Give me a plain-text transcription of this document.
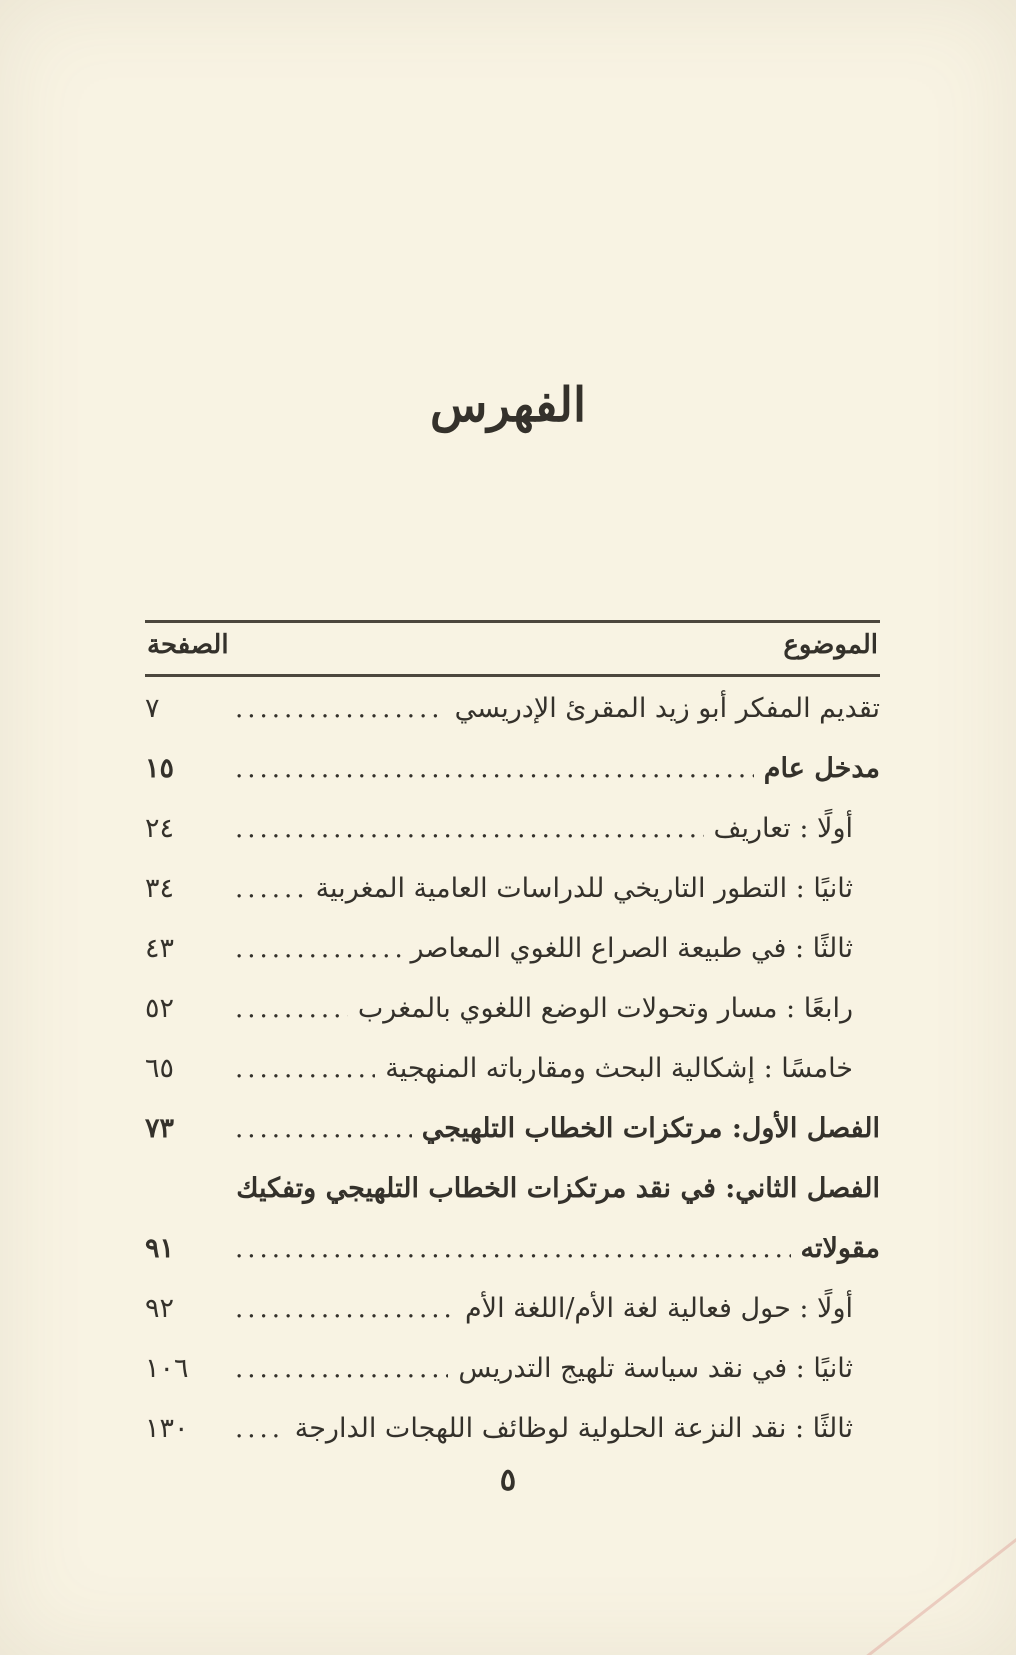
الفهرس
الموضوع
الصفحة
تقديم المفكر أبو زيد المقرئ الإدريسي
.....
٧
مدخل عام
.....
١٥
أولًا : تعاريف
.....
٢٤
ثانيًا : التطور التاريخي للدراسات العامية المغربية
.....
٣٤
ثالثًا : في طبيعة الصراع اللغوي المعاصر
.....
٤٣
رابعًا : مسار وتحولات الوضع اللغوي بالمغرب
.....
٥٢
خامسًا : إشكالية البحث ومقارباته المنهجية
.....
٦٥
الفصل الأول: مرتكزات الخطاب التلهيجي
.....
٧٣
الفصل الثاني: في نقد مرتكزات الخطاب التلهيجي وتفكيك
مقولاته
.....
٩١
أولًا : حول فعالية لغة الأم/اللغة الأم
.....
٩٢
ثانيًا : في نقد سياسة تلهيج التدريس
.....
١٠٦
ثالثًا : نقد النزعة الحلولية لوظائف اللهجات الدارجة
.....
١٣٠
٥
